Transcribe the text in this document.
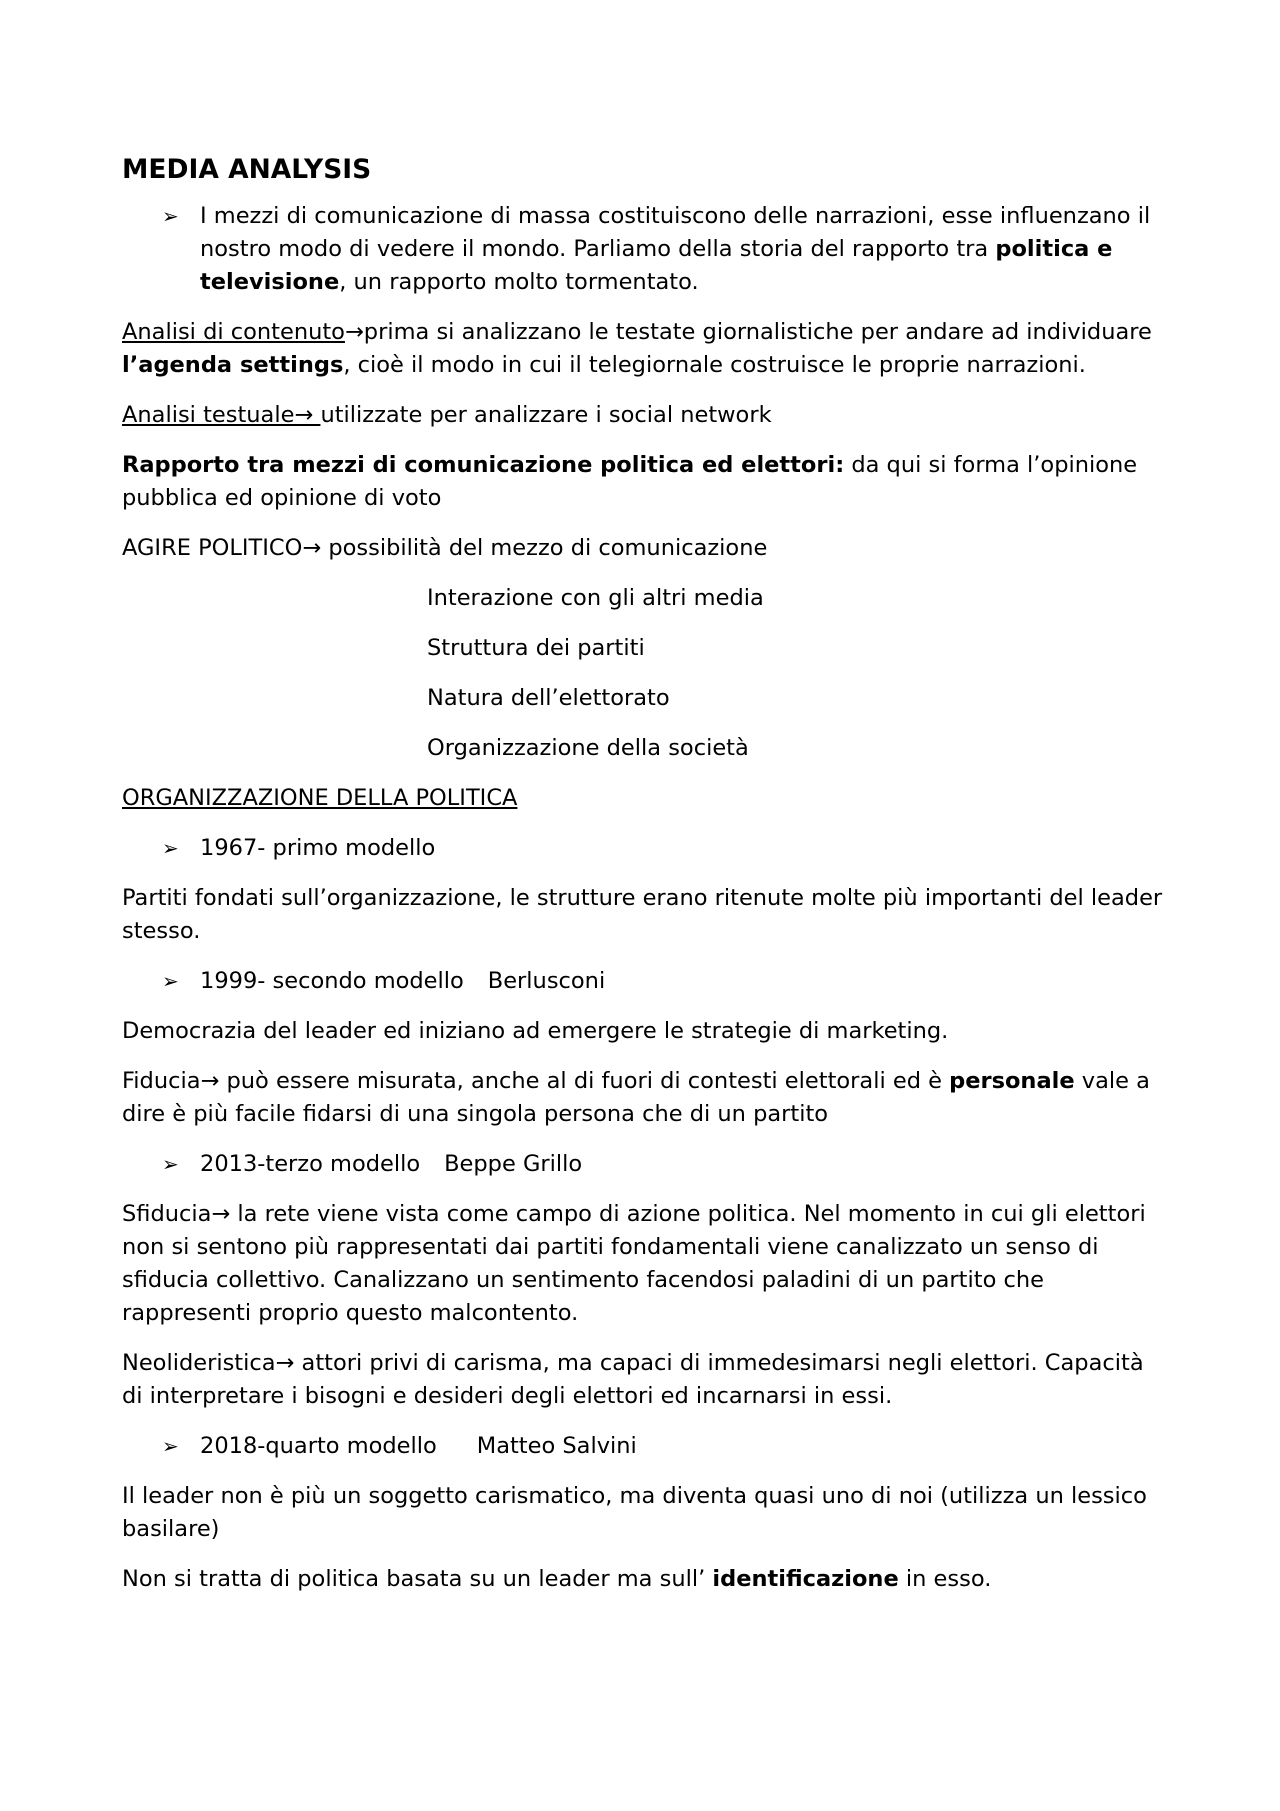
MEDIA ANALYSIS
➢ I mezzi di comunicazione di massa costituiscono delle narrazioni, esse influenzano il nostro modo di vedere il mondo. Parliamo della storia del rapporto tra politica e televisione, un rapporto molto tormentato.

Analisi di contenuto→prima si analizzano le testate giornalistiche per andare ad individuare l’agenda settings, cioè il modo in cui il telegiornale costruisce le proprie narrazioni.

Analisi testuale→ utilizzate per analizzare i social network

Rapporto tra mezzi di comunicazione politica ed elettori: da qui si forma l’opinione pubblica ed opinione di voto

AGIRE POLITICO→ possibilità del mezzo di comunicazione

Interazione con gli altri media

Struttura dei partiti

Natura dell’elettorato

Organizzazione della società

ORGANIZZAZIONE DELLA POLITICA

➢ 1967- primo modello

Partiti fondati sull’organizzazione, le strutture erano ritenute molte più importanti del leader stesso.

➢ 1999- secondo modello Berlusconi

Democrazia del leader ed iniziano ad emergere le strategie di marketing.

Fiducia→ può essere misurata, anche al di fuori di contesti elettorali ed è personale vale a dire è più facile fidarsi di una singola persona che di un partito

➢ 2013-terzo modello Beppe Grillo

Sfiducia→ la rete viene vista come campo di azione politica. Nel momento in cui gli elettori non si sentono più rappresentati dai partiti fondamentali viene canalizzato un senso di sfiducia collettivo. Canalizzano un sentimento facendosi paladini di un partito che rappresenti proprio questo malcontento.

Neolideristica→ attori privi di carisma, ma capaci di immedesimarsi negli elettori. Capacità di interpretare i bisogni e desideri degli elettori ed incarnarsi in essi.

➢ 2018-quarto modello Matteo Salvini

Il leader non è più un soggetto carismatico, ma diventa quasi uno di noi (utilizza un lessico basilare)

Non si tratta di politica basata su un leader ma sull’ identificazione in esso.
